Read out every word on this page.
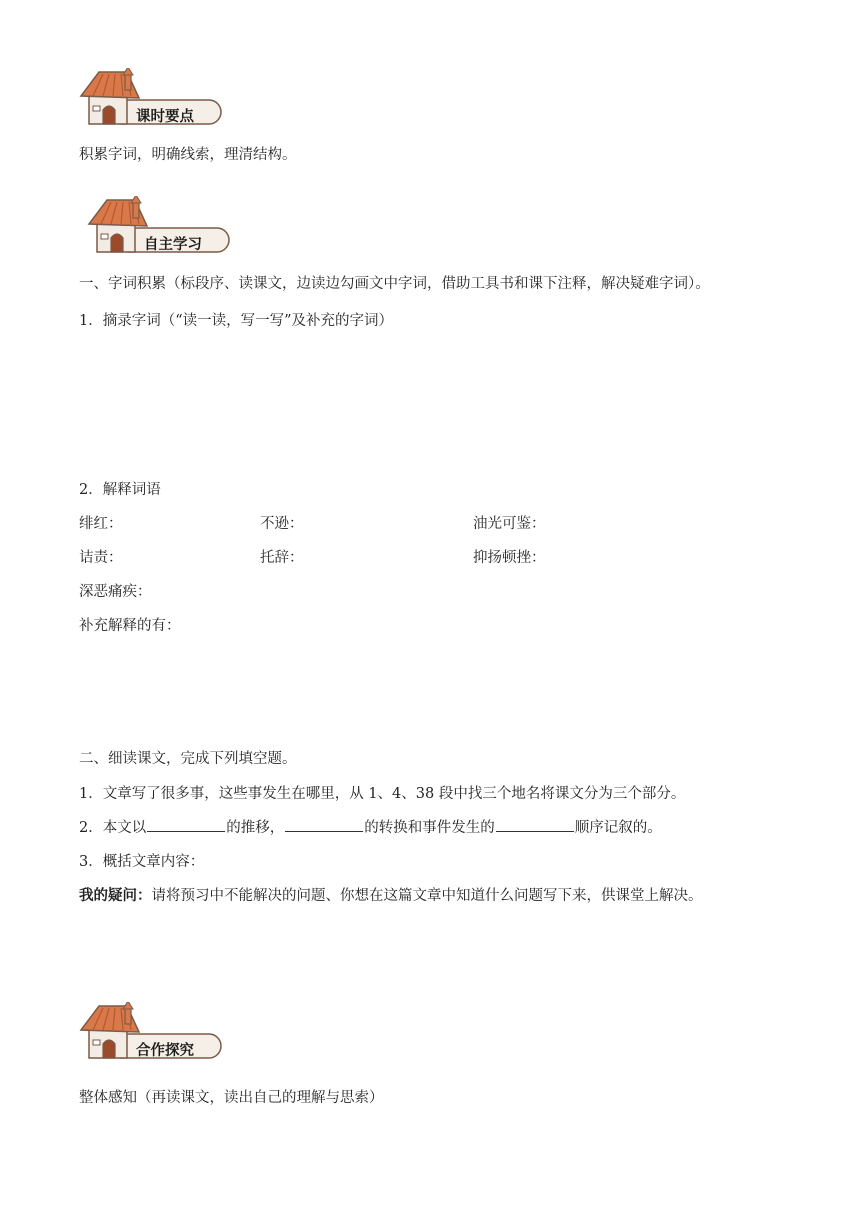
课时要点
积累字词，明确线索，理清结构。
自主学习
一、字词积累（标段序、读课文，边读边勾画文中字词，借助工具书和课下注释，解决疑难字词）。
1．摘录字词（“读一读，写一写”及补充的字词）
2．解释词语
绯红：	不逊：	油光可鉴：
诘责：	托辞：	抑扬顿挫：
深恶痛疾：
补充解释的有：
二、细读课文，完成下列填空题。
1．文章写了很多事，这些事发生在哪里，从 1、4、38 段中找三个地名将课文分为三个部分。
2．本文以	的推移，	的转换和事件发生的	顺序记叙的。
3．概括文章内容：
我的疑问：请将预习中不能解决的问题、你想在这篇文章中知道什么问题写下来，供课堂上解决。
合作探究
整体感知（再读课文，读出自己的理解与思索）
